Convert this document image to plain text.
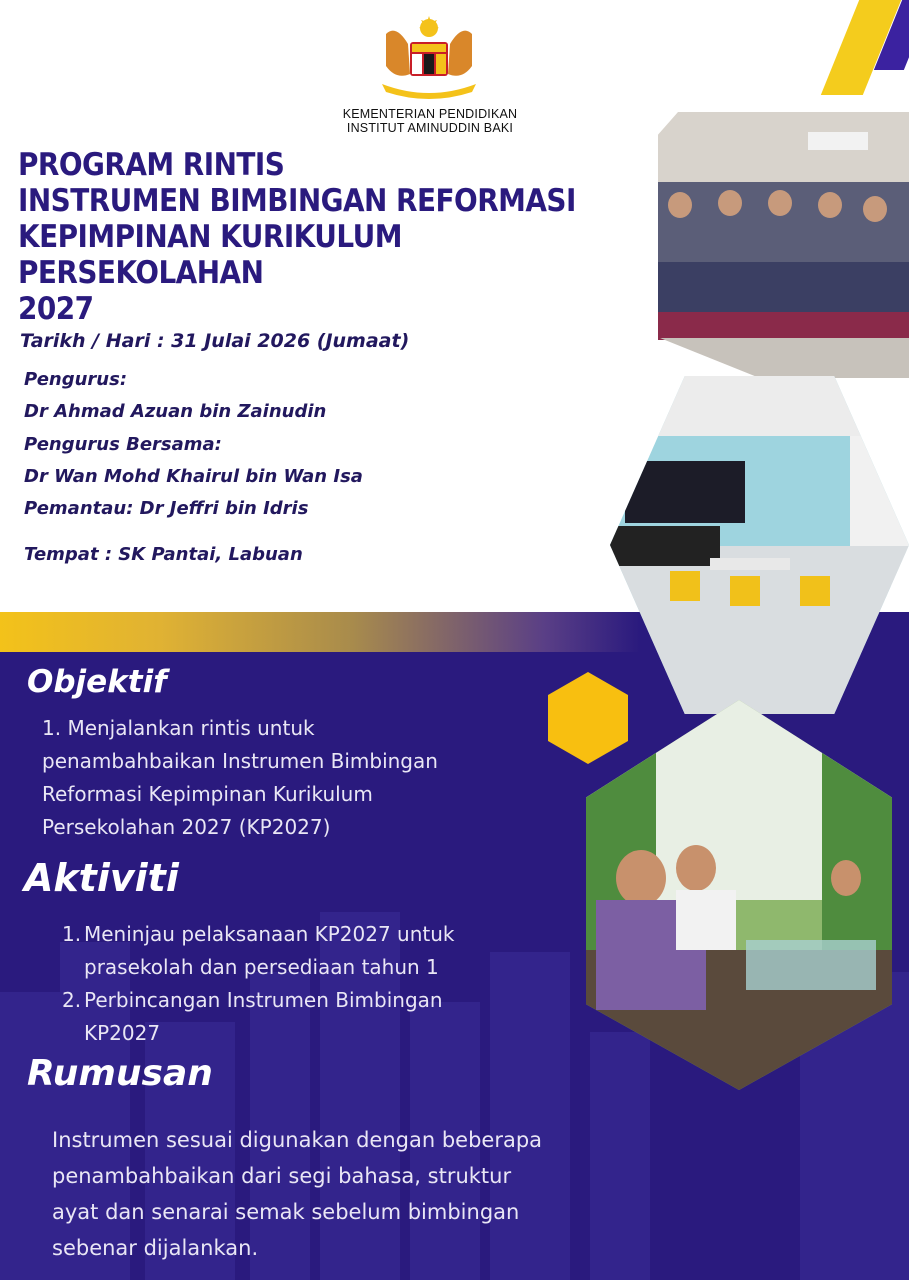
KEMENTERIAN PENDIDIKAN
INSTITUT AMINUDDIN BAKI
PROGRAM RINTIS
INSTRUMEN BIMBINGAN REFORMASI
KEPIMPINAN KURIKULUM PERSEKOLAHAN
2027
Tarikh / Hari : 31 Julai 2026 (Jumaat)
Pengurus:
Dr Ahmad Azuan bin Zainudin
Pengurus Bersama:
Dr Wan Mohd Khairul bin Wan Isa
Pemantau: Dr Jeffri bin Idris
Tempat : SK Pantai, Labuan
Objektif
1. Menjalankan rintis untuk
penambahbaikan Instrumen Bimbingan
Reformasi Kepimpinan Kurikulum
Persekolahan 2027 (KP2027)
Aktiviti
1. Meninjau pelaksanaan KP2027 untuk
prasekolah dan persediaan tahun 1
2. Perbincangan Instrumen Bimbingan
KP2027
Rumusan
Instrumen sesuai digunakan dengan beberapa
penambahbaikan dari segi bahasa, struktur
ayat dan senarai semak sebelum bimbingan
sebenar dijalankan.
